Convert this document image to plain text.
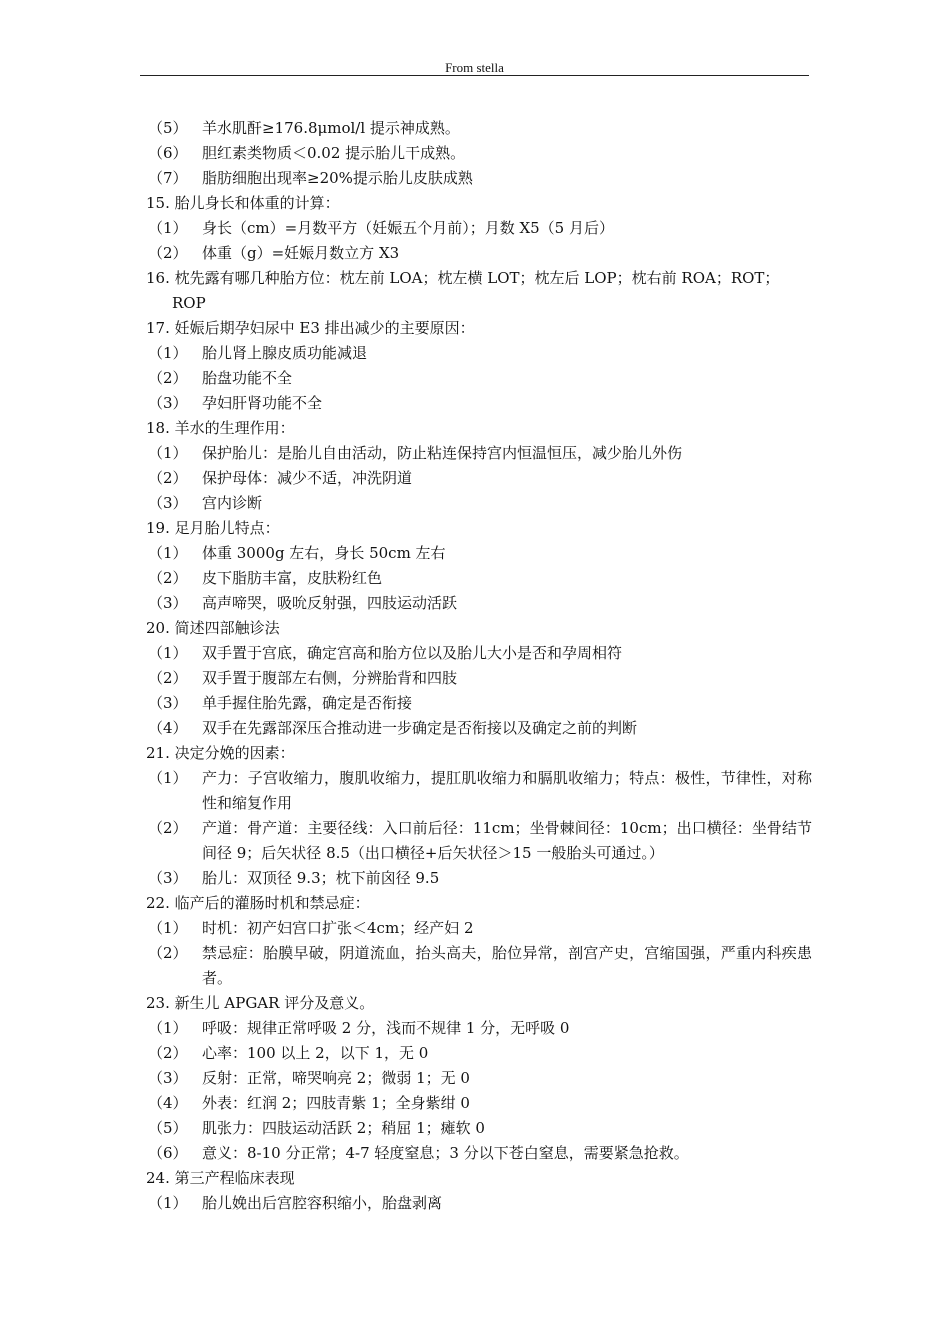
From stella
（5） 羊水肌酐≥176.8μmol/l 提示神成熟。
（6） 胆红素类物质＜0.02 提示胎儿干成熟。
（7） 脂肪细胞出现率≥20%提示胎儿皮肤成熟
15. 胎儿身长和体重的计算：
（1） 身长（cm）=月数平方（妊娠五个月前）；月数 X5（5 月后）
（2） 体重（g）=妊娠月数立方 X3
16. 枕先露有哪几种胎方位：枕左前 LOA；枕左横 LOT；枕左后 LOP；枕右前 ROA；ROT；
ROP
17. 妊娠后期孕妇尿中 E3 排出减少的主要原因：
（1） 胎儿肾上腺皮质功能减退
（2） 胎盘功能不全
（3） 孕妇肝肾功能不全
18. 羊水的生理作用：
（1） 保护胎儿：是胎儿自由活动，防止粘连保持宫内恒温恒压，减少胎儿外伤
（2） 保护母体：减少不适，冲洗阴道
（3） 宫内诊断
19. 足月胎儿特点：
（1） 体重 3000g 左右，身长 50cm 左右
（2） 皮下脂肪丰富，皮肤粉红色
（3） 高声啼哭，吸吮反射强，四肢运动活跃
20. 简述四部触诊法
（1） 双手置于宫底，确定宫高和胎方位以及胎儿大小是否和孕周相符
（2） 双手置于腹部左右侧，分辨胎背和四肢
（3） 单手握住胎先露，确定是否衔接
（4） 双手在先露部深压合推动进一步确定是否衔接以及确定之前的判断
21. 决定分娩的因素：
（1） 产力：子宫收缩力，腹肌收缩力，提肛肌收缩力和膈肌收缩力；特点：极性，节律性，对称性和缩复作用
（2） 产道：骨产道：主要径线：入口前后径：11cm；坐骨棘间径：10cm；出口横径：坐骨结节间径 9；后矢状径 8.5（出口横径+后矢状径＞15 一般胎头可通过。）
（3） 胎儿：双顶径 9.3；枕下前囟径 9.5
22. 临产后的灌肠时机和禁忌症：
（1） 时机：初产妇宫口扩张＜4cm；经产妇 2
（2） 禁忌症：胎膜早破，阴道流血，抬头高夫，胎位异常，剖宫产史，宫缩国强，严重内科疾患者。
23. 新生儿 APGAR 评分及意义。
（1） 呼吸：规律正常呼吸 2 分，浅而不规律 1 分，无呼吸 0
（2） 心率：100 以上 2，以下 1，无 0
（3） 反射：正常，啼哭响亮 2；微弱 1；无 0
（4） 外表：红润 2；四肢青紫 1；全身紫绀 0
（5） 肌张力：四肢运动活跃 2；稍屈 1；瘫软 0
（6） 意义：8-10 分正常；4-7 轻度窒息；3 分以下苍白窒息，需要紧急抢救。
24. 第三产程临床表现
（1） 胎儿娩出后宫腔容积缩小，胎盘剥离
